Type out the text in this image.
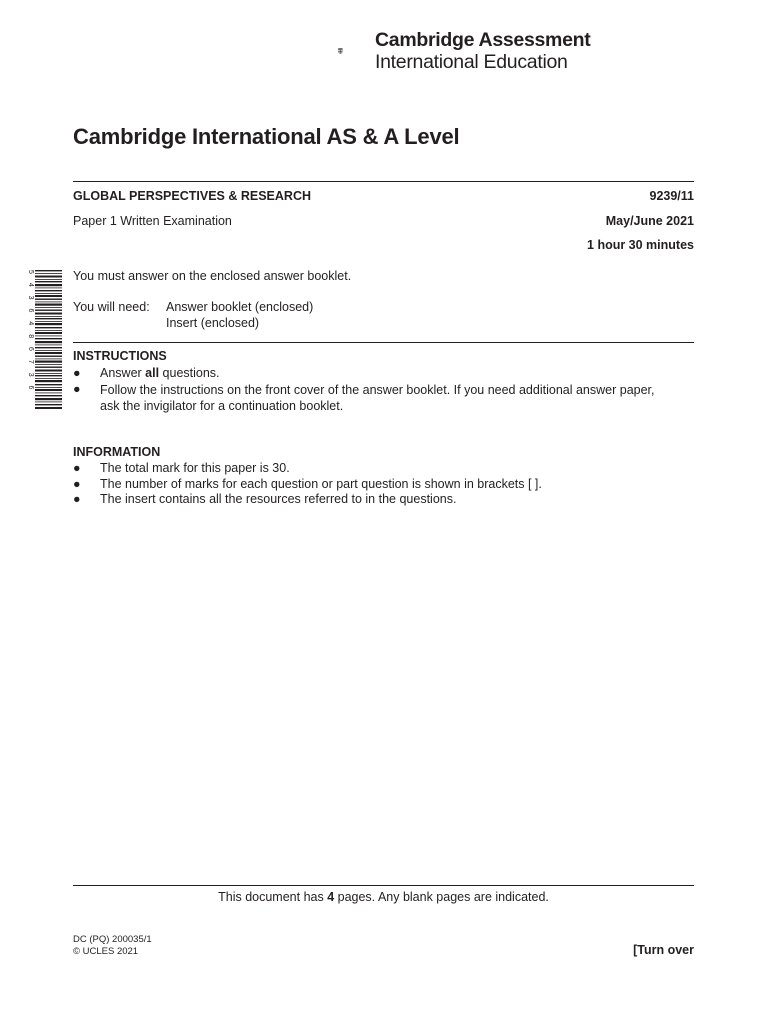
Cambridge Assessment
International Education
Cambridge International AS & A Level
GLOBAL PERSPECTIVES & RESEARCH	9239/11
Paper 1 Written Examination	May/June 2021
1 hour 30 minutes
5 4 3 6 4 8 6 7 3 6	You must answer on the enclosed answer booklet.
You will need: Answer booklet (enclosed)
Insert (enclosed)
INSTRUCTIONS
●	Answer all questions.
●	Follow the instructions on the front cover of the answer booklet. If you need additional answer paper,
ask the invigilator for a continuation booklet.
INFORMATION
●	The total mark for this paper is 30.
●	The number of marks for each question or part question is shown in brackets [ ].
●	The insert contains all the resources referred to in the questions.
This document has 4 pages. Any blank pages are indicated.
DC (PQ) 200035/1
© UCLES 2021	[Turn over
